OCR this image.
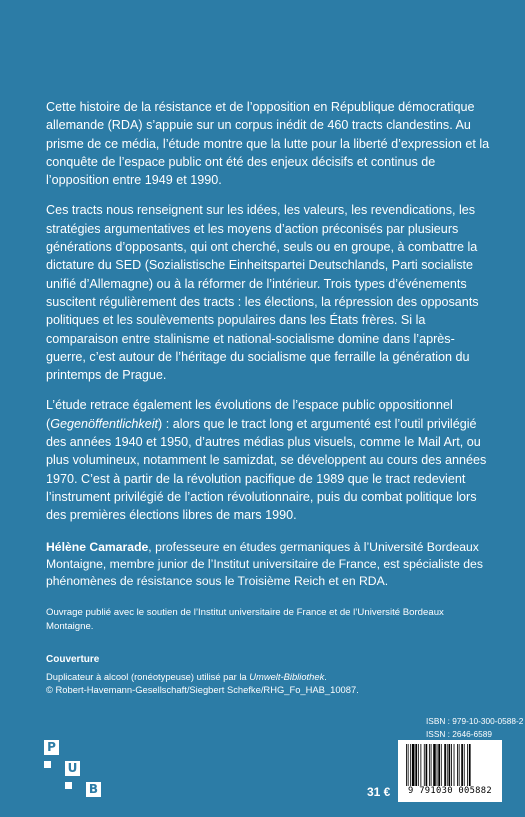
Cette histoire de la résistance et de l’opposition en République démocratique allemande (RDA) s’appuie sur un corpus inédit de 460 tracts clandestins. Au prisme de ce média, l’étude montre que la lutte pour la liberté d’expression et la conquête de l’espace public ont été des enjeux décisifs et continus de l’opposition entre 1949 et 1990.

Ces tracts nous renseignent sur les idées, les valeurs, les revendications, les stratégies argumentatives et les moyens d’action préconisés par plusieurs générations d’opposants, qui ont cherché, seuls ou en groupe, à combattre la dictature du SED (Sozialistische Einheitspartei Deutschlands, Parti socialiste unifié d’Allemagne) ou à la réformer de l’intérieur. Trois types d’événements suscitent régulièrement des tracts : les élections, la répression des opposants politiques et les soulèvements populaires dans les États frères. Si la comparaison entre stalinisme et national-socialisme domine dans l’après-guerre, c’est autour de l’héritage du socialisme que ferraille la génération du printemps de Prague.

L’étude retrace également les évolutions de l’espace public oppositionnel (Gegenöffentlichkeit) : alors que le tract long et argumenté est l’outil privilégié des années 1940 et 1950, d’autres médias plus visuels, comme le Mail Art, ou plus volumineux, notamment le samizdat, se développent au cours des années 1970. C’est à partir de la révolution pacifique de 1989 que le tract redevient l’instrument privilégié de l’action révolutionnaire, puis du combat politique lors des premières élections libres de mars 1990.

Hélène Camarade, professeure en études germaniques à l’Université Bordeaux Montaigne, membre junior de l’Institut universitaire de France, est spécialiste des phénomènes de résistance sous le Troisième Reich et en RDA.

Ouvrage publié avec le soutien de l’Institut universitaire de France et de l’Université Bordeaux Montaigne.
Couverture
Duplicateur à alcool (ronéotypeuse) utilisé par la Umwelt-Bibliothek.
© Robert-Havemann-Gesellschaft/Siegbert Schefke/RHG_Fo_HAB_10087.
ISBN : 979-10-300-0588-2
ISSN : 2646-6589
9 791030 005882
31 €
P
U
B
